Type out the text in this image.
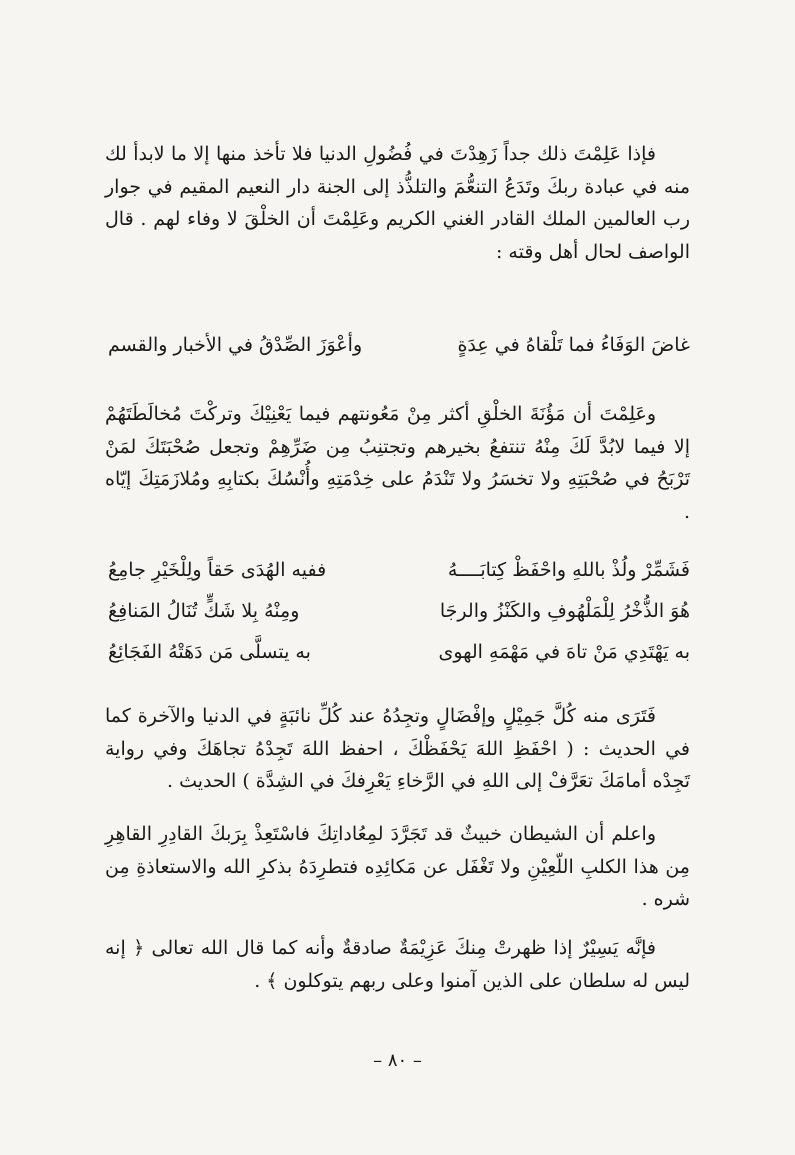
فإذا عَلِمْتَ ذلك جداً زَهِدْتَ في فُضُولِ الدنيا فلا تأخذ منها إلا ما لابدأ لك منه في عبادة ربكَ وتَدَعُ التنعُّمَ والتلذُّذ إلى الجنة دار النعيم المقيم في جوار رب العالمين الملك القادر الغني الكريم وعَلِمْتَ أن الخلْقَ لا وفاء لهم . قال الواصف لحال أهل وقته :

غاضَ الوَفَاءُ فما تَلْقاهُ في عِدَةٍ
وأعْوَزَ الصِّدْقُ في الأخبار والقسم

وعَلِمْتَ أن مَؤُنَةَ الخلْقِ أكثر مِنْ مَعُونتهم فيما يَعْنِيْكَ وتركْتَ مُخالَطَتَهُمْ إلا فيما لابُدَّ لَكَ مِنْهُ تنتفعُ بخيرهم وتجتنِبُ مِن ضَرِّهِمْ وتجعل صُحْبَتَكَ لمَنْ تَرْبَحُ في صُحْبَتِهِ ولا تخسَرُ ولا تَنْدَمُ على خِدْمَتِهِ وأُنْسُكَ بكتابِهِ ومُلازَمَتِكَ إيّاه .

فَشَمِّرْ ولُذْ باللهِ واحْفَظْ كِتابَــــهُ
ففيه الهُدَى حَقاً ولِلْخَيْرِ جامِعُ
هُوَ الذُّخْرُ لِلْمَلْهُوفِ والكَنْزُ والرجَا
ومِنْهُ بِلا شَكٍّ تُنَالُ المَنافِعُ
به يَهْتَدِي مَنْ تاهَ في مَهْمَهِ الهوى
به يتسلَّى مَن دَهَتْهُ الفَجَائِعُ

فَتَرَى منه كُلَّ جَمِيْلٍ وإفْضَالٍ وتجِدُهُ عند كُلِّ نائبَةٍ في الدنيا والآخرة كما في الحديث : ( احْفَظِ اللهَ يَحْفَظْكَ ، احفظ اللهَ تَجِدْهُ تجاهَكَ وفي رواية تَجِدْه أمامَكَ تعَرَّفْ إلى اللهِ في الرَّخاءِ يَعْرِفكَ في الشِدَّة ) الحديث .

واعلم أن الشيطان خبيثٌ قد تَجَرَّدَ لمِعُاداتِكَ فاسْتَعِذْ بِرَبكَ القادِرِ القاهِرِ مِن هذا الكلبِ اللّعِيْنِ ولا تَغْفَل عن مَكائِدِه فتطرِدَهُ بذكرِ الله والاستعاذةِ مِن شره .

فإنَّه يَسِيْرٌ إذا ظهرتْ مِنكَ عَزِيْمَةٌ صادقةٌ وأنه كما قال الله تعالى ﴿ إنه ليس له سلطان على الذين آمنوا وعلى ربهم يتوكلون ﴾ .

– ٨٠ –
